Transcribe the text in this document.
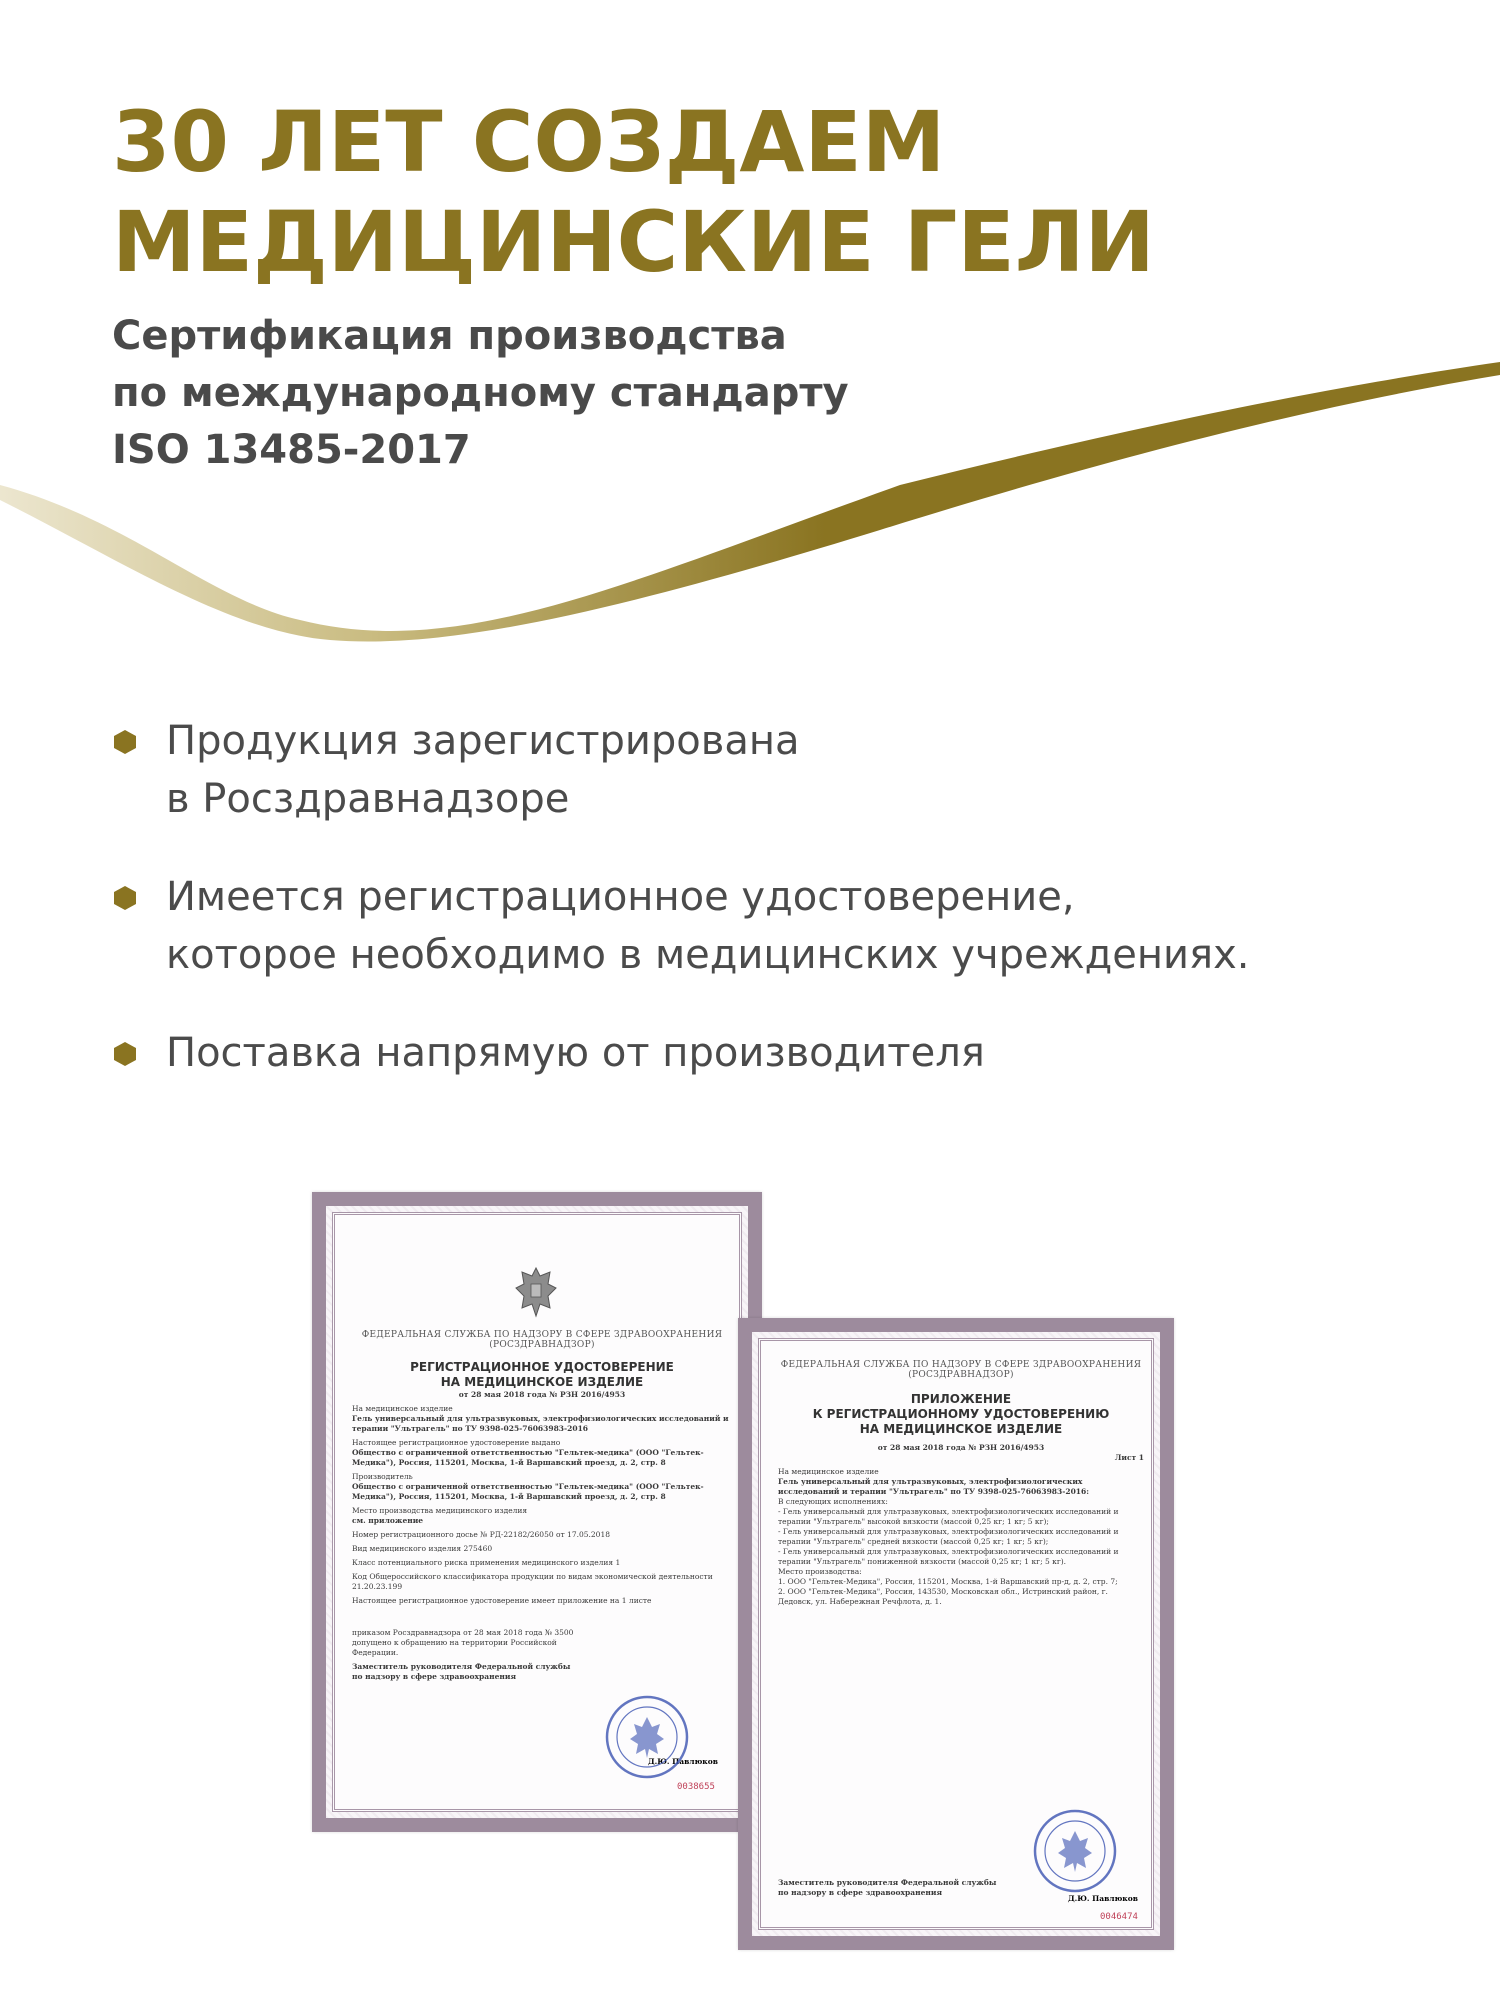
30 ЛЕТ СОЗДАЕМ
МЕДИЦИНСКИЕ ГЕЛИ
Сертификация производства
по международному стандарту
ISO 13485-2017
Продукция зарегистрирована
в Росздравнадзоре
Имеется регистрационное удостоверение,
которое необходимо в медицинских учреждениях.
Поставка напрямую от производителя
ФЕДЕРАЛЬНАЯ СЛУЖБА ПО НАДЗОРУ В СФЕРЕ ЗДРАВООХРАНЕНИЯ
(РОСЗДРАВНАДЗОР)
РЕГИСТРАЦИОННОЕ УДОСТОВЕРЕНИЕ
НА МЕДИЦИНСКОЕ ИЗДЕЛИЕ
от 28 мая 2018 года № РЗН 2016/4953
На медицинское изделие
Гель универсальный для ультразвуковых, электрофизиологических исследований и терапии "Ультрагель" по ТУ 9398-025-76063983-2016
Настоящее регистрационное удостоверение выдано
Общество с ограниченной ответственностью "Гельтек-медика" (ООО "Гельтек-Медика"), Россия, 115201, Москва, 1-й Варшавский проезд, д. 2, стр. 8
Производитель
Общество с ограниченной ответственностью "Гельтек-медика" (ООО "Гельтек-Медика"), Россия, 115201, Москва, 1-й Варшавский проезд, д. 2, стр. 8
Место производства медицинского изделия
см. приложение
Номер регистрационного досье № РД-22182/26050 от 17.05.2018
Вид медицинского изделия 275460
Класс потенциального риска применения медицинского изделия 1
Код Общероссийского классификатора продукции по видам экономической деятельности 21.20.23.199
Настоящее регистрационное удостоверение имеет приложение на 1 листе
приказом Росздравнадзора от 28 мая 2018 года № 3500 допущено к обращению на территории Российской Федерации.
Заместитель руководителя Федеральной службы по надзору в сфере здравоохранения
Д.Ю. Павлюков
0038655
ФЕДЕРАЛЬНАЯ СЛУЖБА ПО НАДЗОРУ В СФЕРЕ ЗДРАВООХРАНЕНИЯ
(РОСЗДРАВНАДЗОР)
ПРИЛОЖЕНИЕ
К РЕГИСТРАЦИОННОМУ УДОСТОВЕРЕНИЮ
НА МЕДИЦИНСКОЕ ИЗДЕЛИЕ
от 28 мая 2018 года № РЗН 2016/4953
Лист 1
На медицинское изделие
Гель универсальный для ультразвуковых, электрофизиологических исследований и терапии "Ультрагель" по ТУ 9398-025-76063983-2016:
В следующих исполнениях:
- Гель универсальный для ультразвуковых, электрофизиологических исследований и терапии "Ультрагель" высокой вязкости (массой 0,25 кг; 1 кг; 5 кг);
- Гель универсальный для ультразвуковых, электрофизиологических исследований и терапии "Ультрагель" средней вязкости (массой 0,25 кг; 1 кг; 5 кг);
- Гель универсальный для ультразвуковых, электрофизиологических исследований и терапии "Ультрагель" пониженной вязкости (массой 0,25 кг; 1 кг; 5 кг).
Место производства:
1. ООО "Гельтек-Медика", Россия, 115201, Москва, 1-й Варшавский пр-д, д. 2, стр. 7;
2. ООО "Гельтек-Медика", Россия, 143530, Московская обл., Истринский район, г. Дедовск, ул. Набережная Речфлота, д. 1.
Заместитель руководителя Федеральной службы по надзору в сфере здравоохранения
Д.Ю. Павлюков
0046474
